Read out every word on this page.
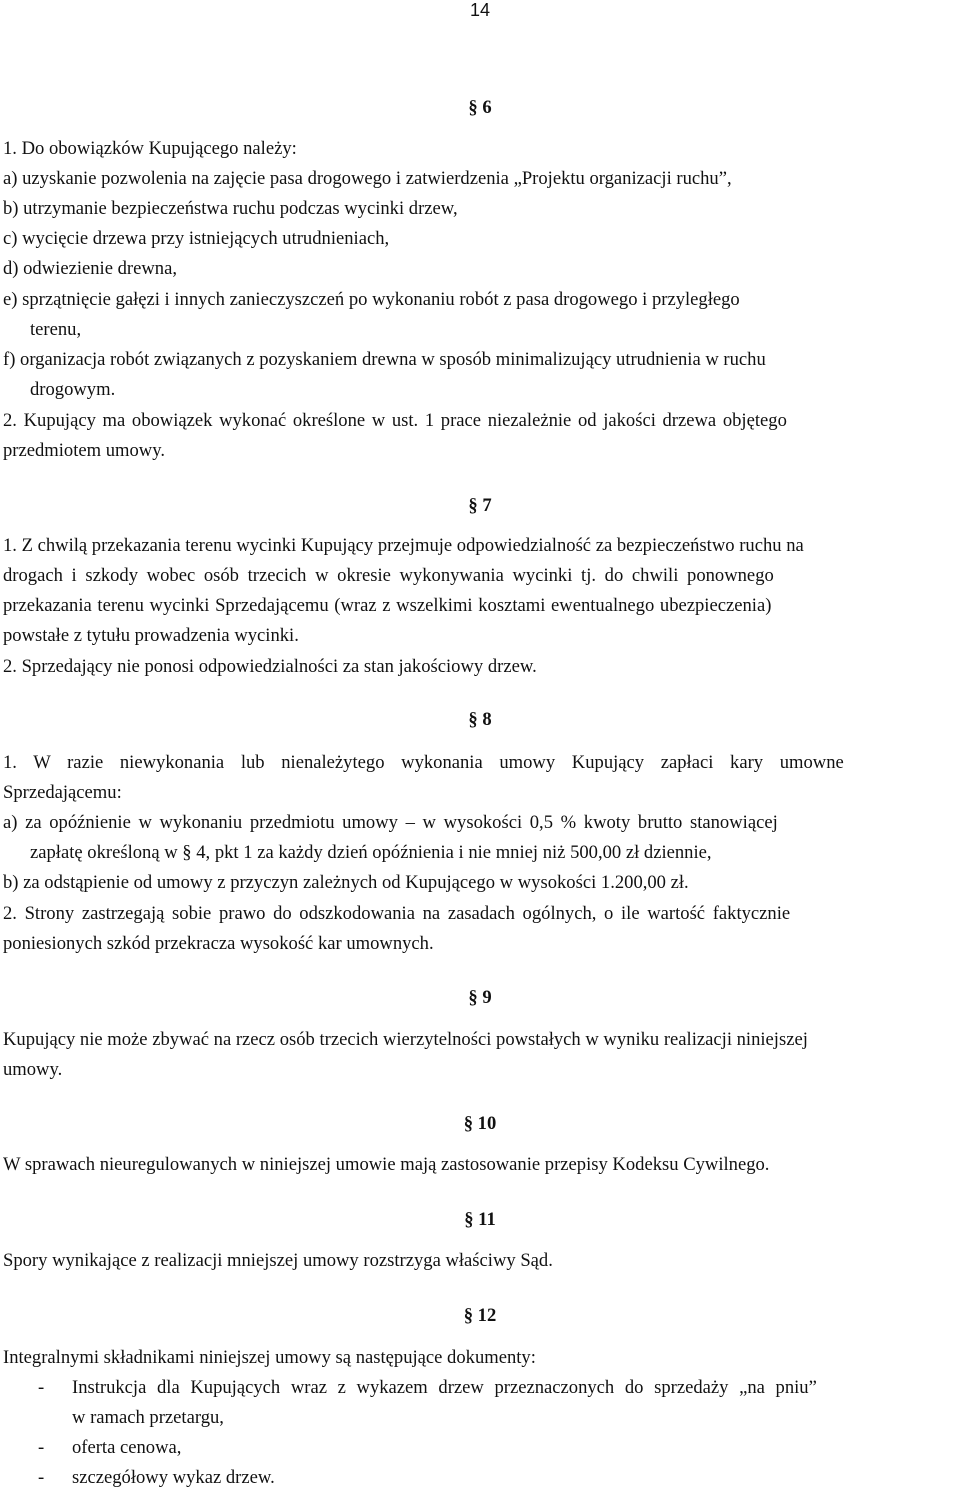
14
§ 6
1. Do obowiązków Kupującego należy:
a) uzyskanie pozwolenia na zajęcie pasa drogowego i zatwierdzenia „Projektu organizacji ruchu”,
b) utrzymanie bezpieczeństwa ruchu podczas wycinki drzew,
c) wycięcie drzewa przy istniejących utrudnieniach,
d) odwiezienie drewna,
e) sprzątnięcie gałęzi i innych zanieczyszczeń po wykonaniu robót z pasa drogowego i przyległego
terenu,
f) organizacja robót związanych z pozyskaniem drewna w sposób minimalizujący utrudnienia w ruchu
drogowym.
2. Kupujący ma obowiązek wykonać określone w ust. 1 prace niezależnie od jakości drzewa objętego
przedmiotem umowy.
§ 7
1. Z chwilą przekazania terenu wycinki Kupujący przejmuje odpowiedzialność za bezpieczeństwo ruchu na
drogach i szkody wobec osób trzecich w okresie wykonywania wycinki tj. do chwili ponownego
przekazania terenu wycinki Sprzedającemu (wraz z wszelkimi kosztami ewentualnego ubezpieczenia)
powstałe z tytułu prowadzenia wycinki.
2. Sprzedający nie ponosi odpowiedzialności za stan jakościowy drzew.
§ 8
1. W razie niewykonania lub nienależytego wykonania umowy Kupujący zapłaci kary umowne
Sprzedającemu:
a) za opóźnienie w wykonaniu przedmiotu umowy – w wysokości 0,5 % kwoty brutto stanowiącej
zapłatę określoną w § 4, pkt 1 za każdy dzień opóźnienia i nie mniej niż 500,00 zł dziennie,
b) za odstąpienie od umowy z przyczyn zależnych od Kupującego w wysokości 1.200,00 zł.
2. Strony zastrzegają sobie prawo do odszkodowania na zasadach ogólnych, o ile wartość faktycznie
poniesionych szkód przekracza wysokość kar umownych.
§ 9
Kupujący nie może zbywać na rzecz osób trzecich wierzytelności powstałych w wyniku realizacji niniejszej
umowy.
§ 10
W sprawach nieuregulowanych w niniejszej umowie mają zastosowanie przepisy Kodeksu Cywilnego.
§ 11
Spory wynikające z realizacji mniejszej umowy rozstrzyga właściwy Sąd.
§ 12
Integralnymi składnikami niniejszej umowy są następujące dokumenty:
- Instrukcja dla Kupujących wraz z wykazem drzew przeznaczonych do sprzedaży „na pniu”
w ramach przetargu,
- oferta cenowa,
- szczegółowy wykaz drzew.
